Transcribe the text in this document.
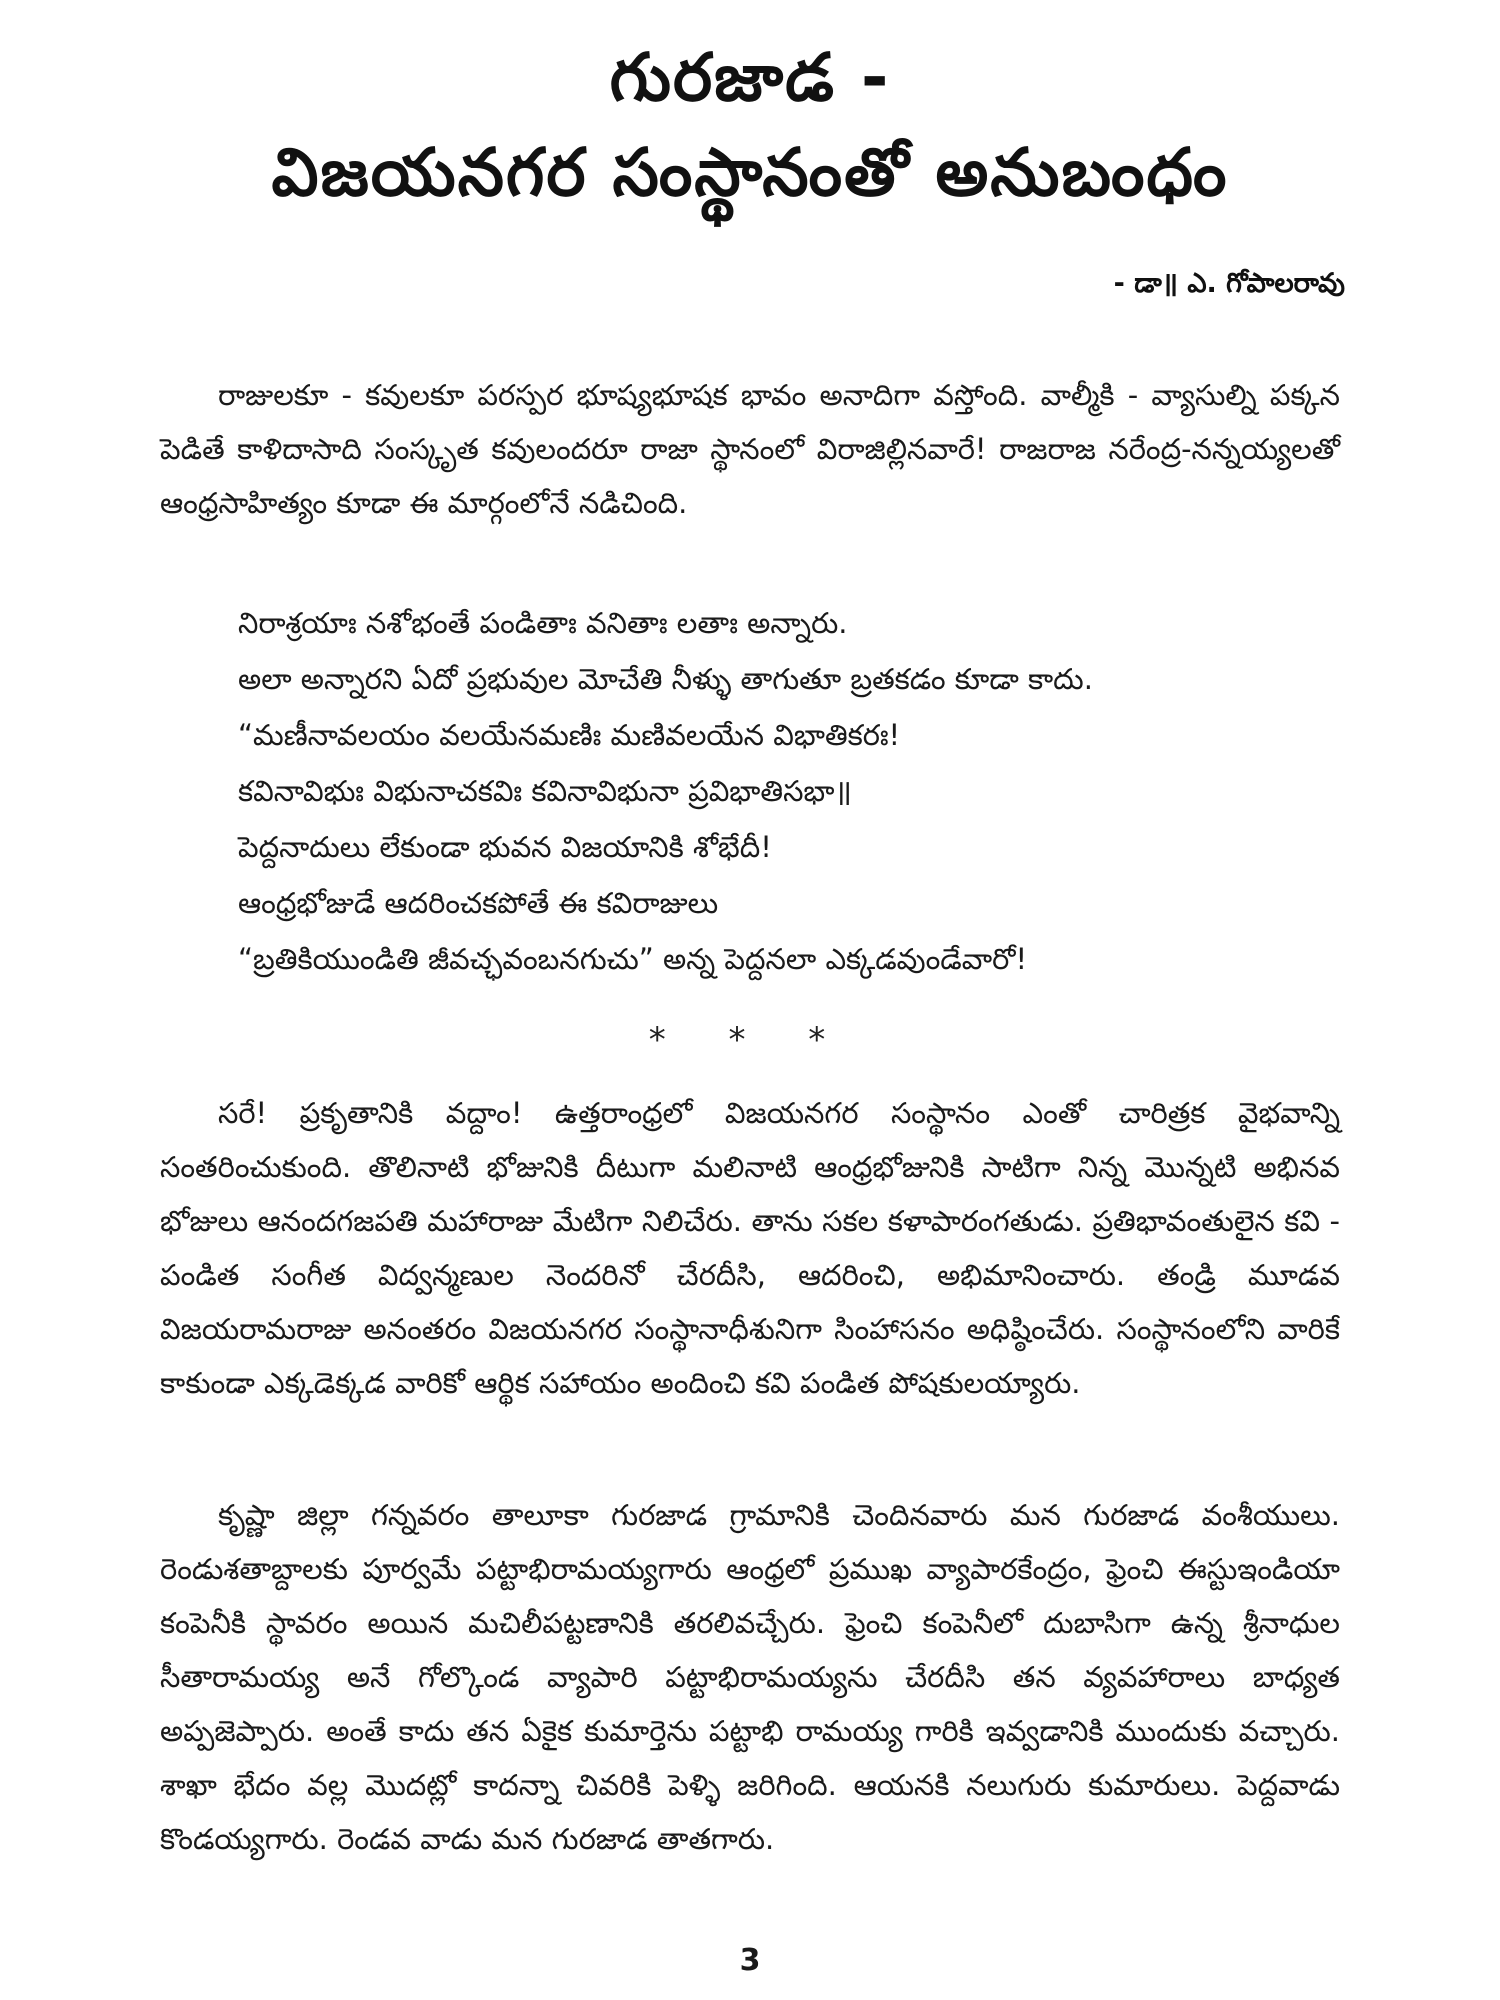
గురజాడ -
విజయనగర సంస్థానంతో అనుబంధం
- డా॥ ఎ. గోపాలరావు

రాజులకూ - కవులకూ పరస్పర భూష్యభూషక భావం అనాదిగా వస్తోంది. వాల్మీకి - వ్యాసుల్ని పక్కన పెడితే కాళిదాసాది సంస్కృత కవులందరూ రాజా స్థానంలో విరాజిల్లినవారే! రాజరాజ నరేంద్ర-నన్నయ్యలతో ఆంధ్రసాహిత్యం కూడా ఈ మార్గంలోనే నడిచింది.

నిరాశ్రయాః నశోభంతే పండితాః వనితాః లతాః అన్నారు.
అలా అన్నారని ఏదో ప్రభువుల మోచేతి నీళ్ళు తాగుతూ బ్రతకడం కూడా కాదు.
“మణీనావలయం వలయేనమణిః మణివలయేన విభాతికరః!
కవినావిభుః విభునాచకవిః కవినావిభునా ప్రవిభాతిసభా॥
పెద్దనాదులు లేకుండా భువన విజయానికి శోభేదీ!
ఆంధ్రభోజుడే ఆదరించకపోతే ఈ కవిరాజులు
“బ్రతికియుండితి జీవచ్ఛవంబనగుచు” అన్న పెద్దనలా ఎక్కడవుండేవారో!
* * *

సరే! ప్రకృతానికి వద్దాం! ఉత్తరాంధ్రలో విజయనగర సంస్థానం ఎంతో చారిత్రక వైభవాన్ని సంతరించుకుంది. తొలినాటి భోజునికి దీటుగా మలినాటి ఆంధ్రభోజునికి సాటిగా నిన్న మొన్నటి అభినవ భోజులు ఆనందగజపతి మహారాజు మేటిగా నిలిచేరు. తాను సకల కళాపారంగతుడు. ప్రతిభావంతులైన కవి - పండిత సంగీత విద్వన్మణుల నెందరినో చేరదీసి, ఆదరించి, అభిమానించారు. తండ్రి మూడవ విజయరామరాజు అనంతరం విజయనగర సంస్థానాధీశునిగా సింహాసనం అధిష్ఠించేరు. సంస్థానంలోని వారికే కాకుండా ఎక్కడెక్కడ వారికో ఆర్థిక సహాయం అందించి కవి పండిత పోషకులయ్యారు.

కృష్ణా జిల్లా గన్నవరం తాలూకా గురజాడ గ్రామానికి చెందినవారు మన గురజాడ వంశీయులు. రెండుశతాబ్దాలకు పూర్వమే పట్టాభిరామయ్యగారు ఆంధ్రలో ప్రముఖ వ్యాపారకేంద్రం, ఫ్రెంచి ఈస్టుఇండియా కంపెనీకి స్థావరం అయిన మచిలీపట్టణానికి తరలివచ్చేరు. ఫ్రెంచి కంపెనీలో దుబాసిగా ఉన్న శ్రీనాధుల సీతారామయ్య అనే గోల్కొండ వ్యాపారి పట్టాభిరామయ్యను చేరదీసి తన వ్యవహారాలు బాధ్యత అప్పజెప్పారు. అంతే కాదు తన ఏకైక కుమార్తెను పట్టాభి రామయ్య గారికి ఇవ్వడానికి ముందుకు వచ్చారు. శాఖా భేదం వల్ల మొదట్లో కాదన్నా చివరికి పెళ్ళి జరిగింది. ఆయనకి నలుగురు కుమారులు. పెద్దవాడు కొండయ్యగారు. రెండవ వాడు మన గురజాడ తాతగారు.

3
